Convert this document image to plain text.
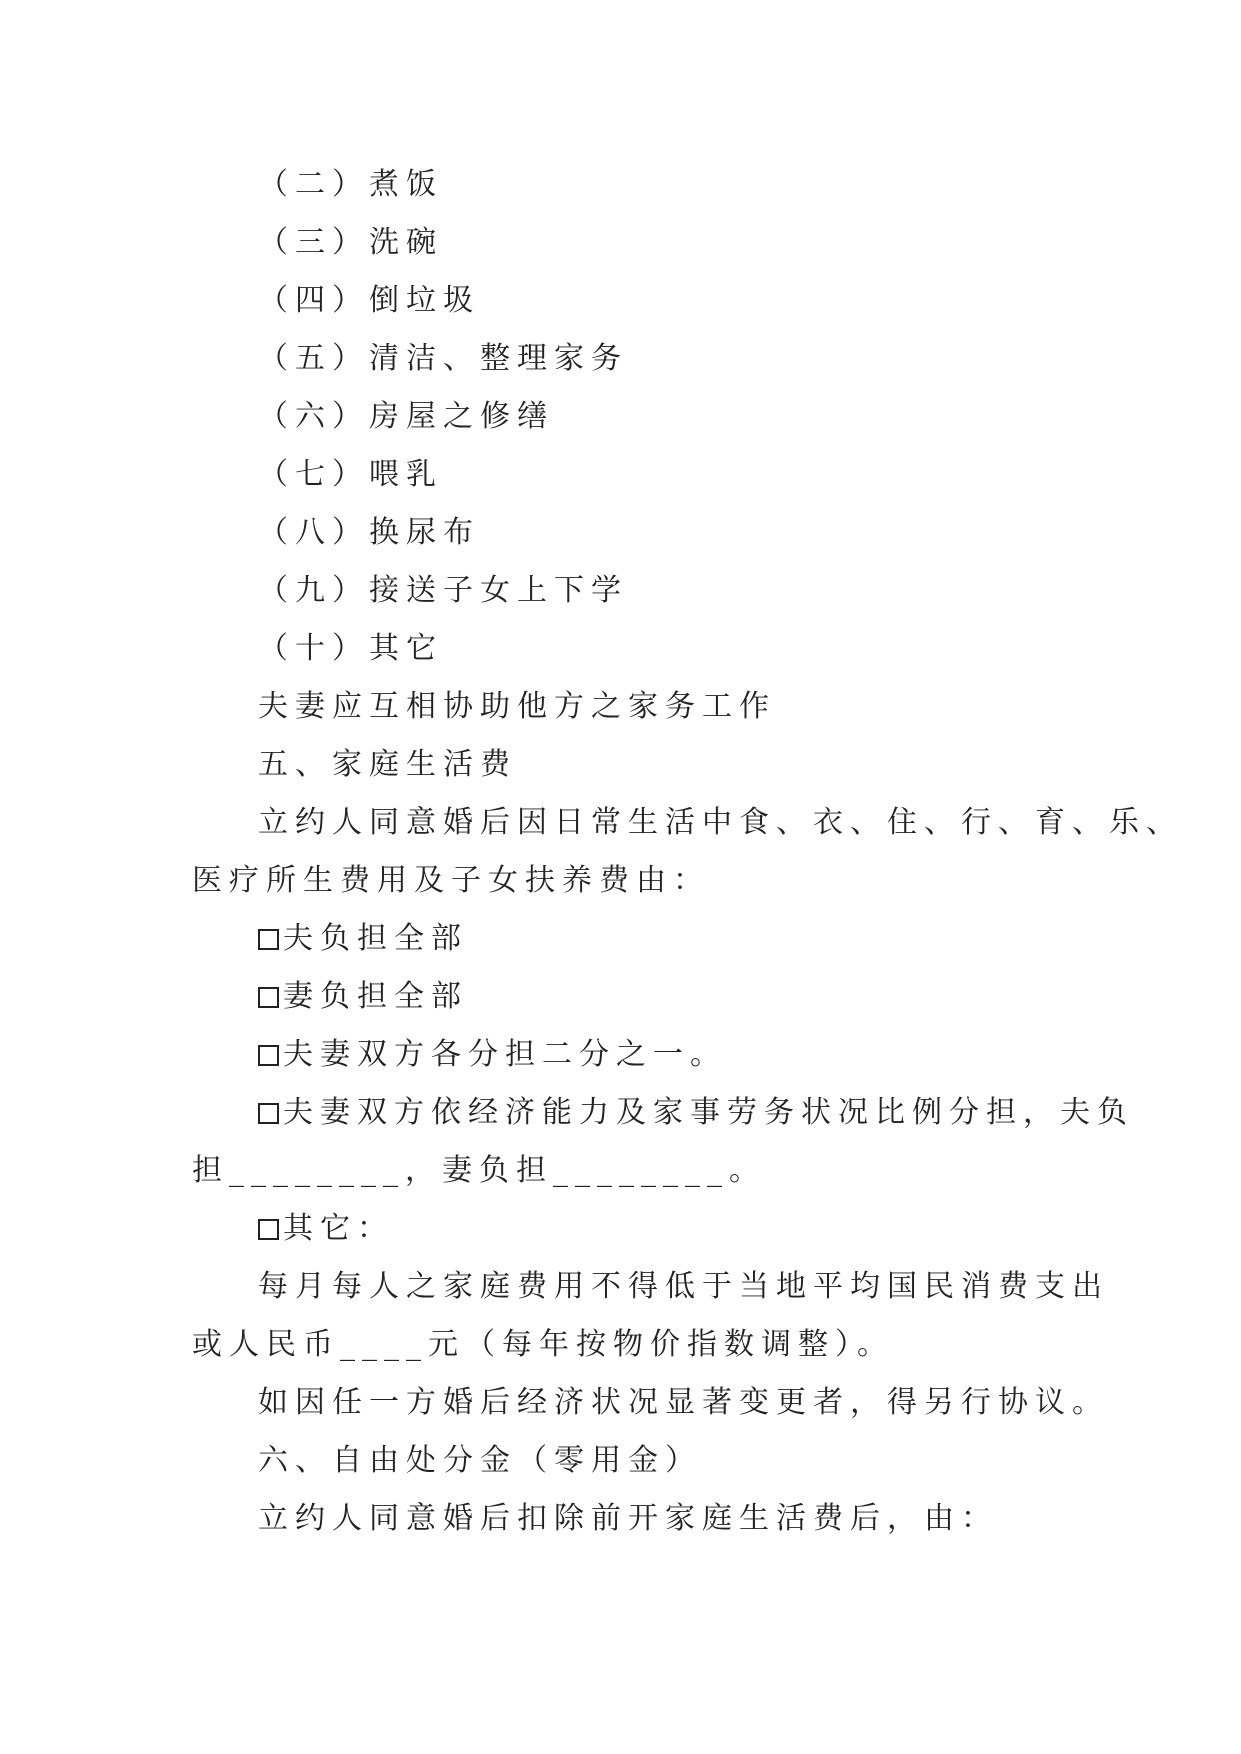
（二）煮饭
（三）洗碗
（四）倒垃圾
（五）清洁、整理家务
（六）房屋之修缮
（七）喂乳
（八）换尿布
（九）接送子女上下学
（十）其它
夫妻应互相协助他方之家务工作
五、家庭生活费
立约人同意婚后因日常生活中食、衣、住、行、育、乐、
医疗所生费用及子女扶养费由：
夫负担全部
妻负担全部
夫妻双方各分担二分之一。
夫妻双方依经济能力及家事劳务状况比例分担，夫负
担________，妻负担________。
其它：
每月每人之家庭费用不得低于当地平均国民消费支出
或人民币____元（每年按物价指数调整）。
如因任一方婚后经济状况显著变更者，得另行协议。
六、自由处分金（零用金）
立约人同意婚后扣除前开家庭生活费后，由：
